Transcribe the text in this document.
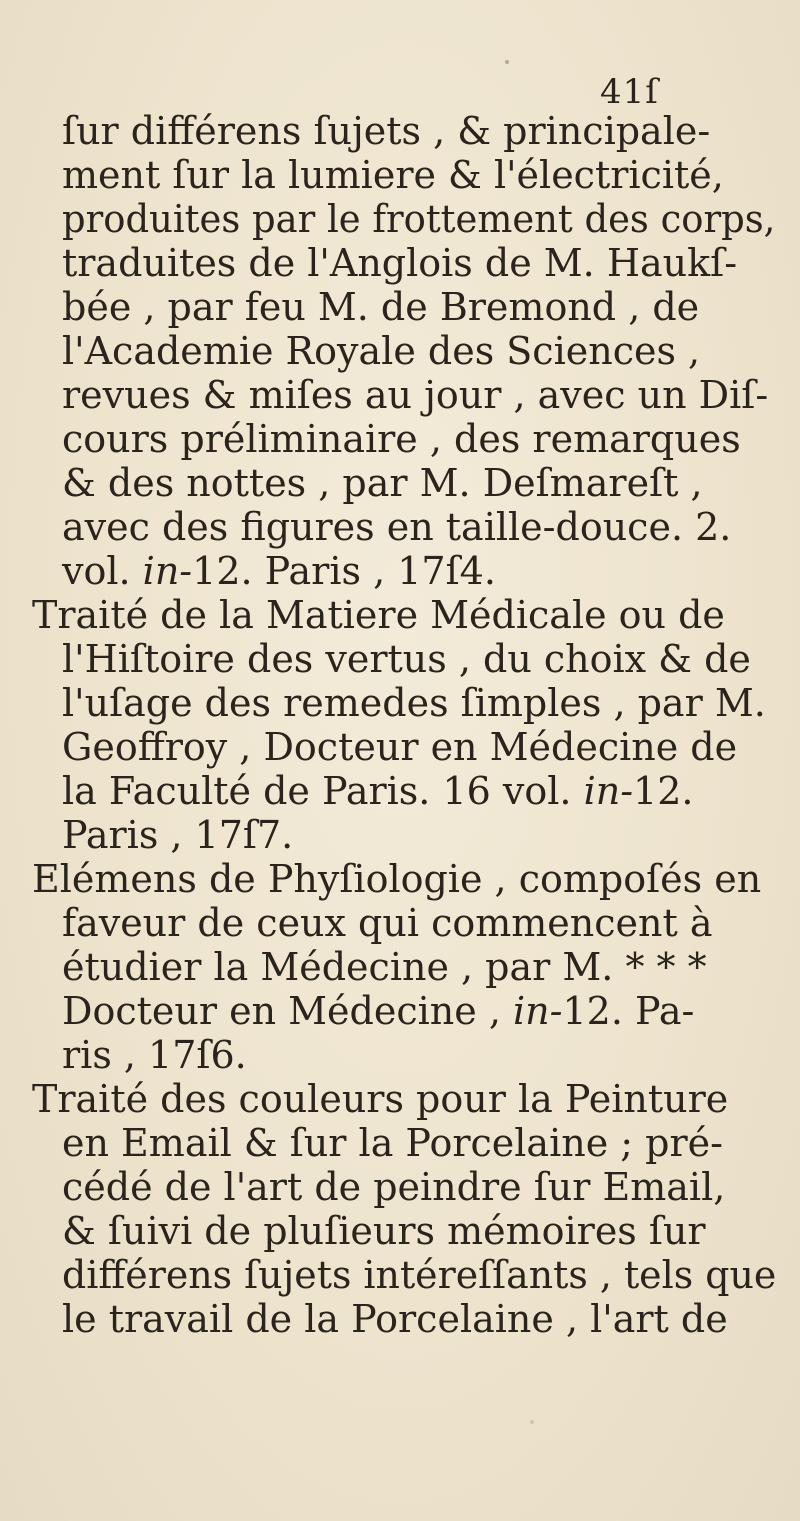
41ſ
ſur différens ſujets , & principale-
ment ſur la lumiere & l'électricité,
produites par le frottement des corps,
traduites de l'Anglois de M. Haukſ-
bée , par feu M. de Bremond , de
l'Academie Royale des Sciences ,
revues & miſes au jour , avec un Diſ-
cours préliminaire , des remarques
& des nottes , par M. Deſmareſt ,
avec des figures en taille-douce. 2.
vol. in-12. Paris , 17ſ4.
Traité de la Matiere Médicale ou de
l'Hiſtoire des vertus , du choix & de
l'uſage des remedes ſimples , par M.
Geoffroy , Docteur en Médecine de
la Faculté de Paris. 16 vol. in-12.
Paris , 17ſ7.
Elémens de Phyſiologie , compoſés en
faveur de ceux qui commencent à
étudier la Médecine , par M. * * *
Docteur en Médecine , in-12. Pa-
ris , 17ſ6.
Traité des couleurs pour la Peinture
en Email & ſur la Porcelaine ; pré-
cédé de l'art de peindre ſur Email,
& ſuivi de pluſieurs mémoires ſur
différens ſujets intéreſſants , tels que
le travail de la Porcelaine , l'art de
